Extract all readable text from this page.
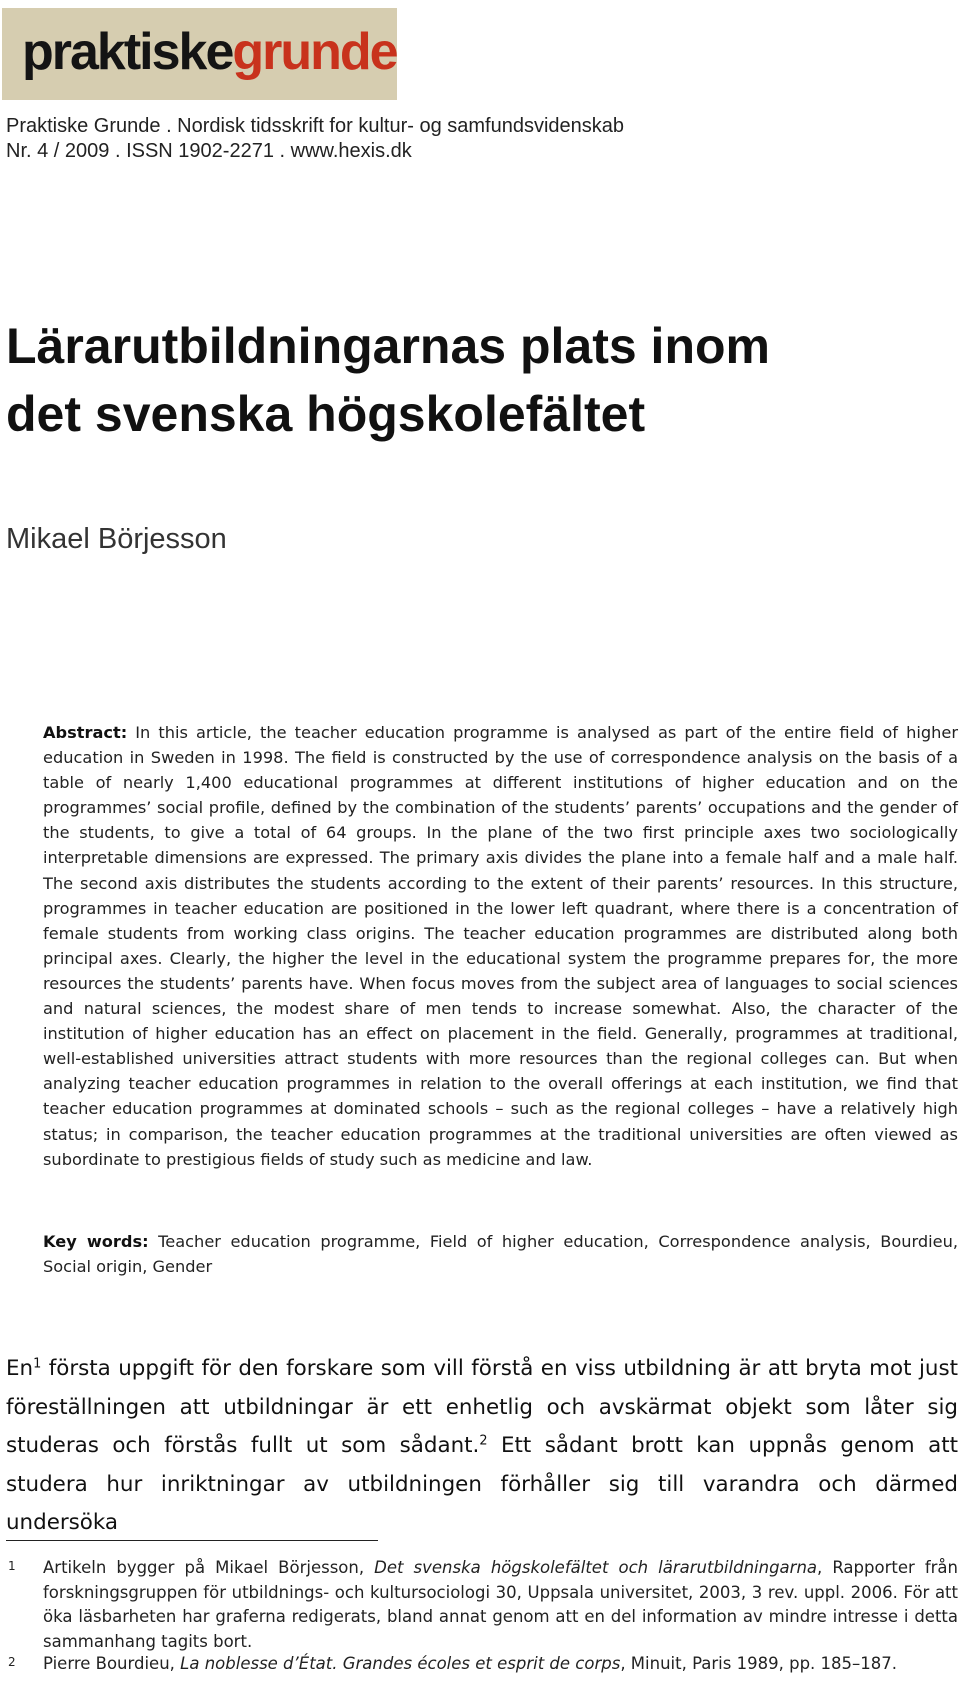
praktiskegrunde
Praktiske Grunde . Nordisk tidsskrift for kultur- og samfundsvidenskab
Nr. 4 / 2009 . ISSN 1902-2271 . www.hexis.dk
Lärarutbildningarnas plats inom
det svenska högskolefältet
Mikael Börjesson

Abstract: In this article, the teacher education programme is analysed as part of the entire field of higher education in Sweden in 1998. The field is constructed by the use of correspondence analysis on the basis of a table of nearly 1,400 educational programmes at different institutions of higher education and on the programmes’ social profile, defined by the combination of the students’ parents’ occupations and the gender of the students, to give a total of 64 groups. In the plane of the two first principle axes two sociologically interpretable dimensions are expressed. The primary axis divides the plane into a female half and a male half. The second axis distributes the students according to the extent of their parents’ resources. In this structure, programmes in teacher education are positioned in the lower left quadrant, where there is a concentration of female students from working class origins. The teacher education programmes are distributed along both principal axes. Clearly, the higher the level in the educational system the programme prepares for, the more resources the students’ parents have. When focus moves from the subject area of languages to social sciences and natural sciences, the modest share of men tends to increase somewhat. Also, the character of the institution of higher education has an effect on placement in the field. Generally, programmes at traditional, well-established universities attract students with more resources than the regional colleges can. But when analyzing teacher education programmes in relation to the overall offerings at each institution, we find that teacher education programmes at dominated schools – such as the regional colleges – have a relatively high status; in comparison, the teacher education programmes at the traditional universities are often viewed as subordinate to prestigious fields of study such as medicine and law.

Key words: Teacher education programme, Field of higher education, Correspondence analysis, Bourdieu, Social origin, Gender

En$^1$ första uppgift för den forskare som vill förstå en viss utbildning är att bryta mot just föreställningen att utbildningar är ett enhetlig och avskärmat objekt som låter sig studeras och förstås fullt ut som sådant.$^2$ Ett sådant brott kan uppnås genom att studera hur inriktningar av utbildningen förhåller sig till varandra och därmed undersöka

1 Artikeln bygger på Mikael Börjesson, Det svenska högskolefältet och lärarutbildningarna, Rapporter från forskningsgruppen för utbildnings- och kultursociologi 30, Uppsala universitet, 2003, 3 rev. uppl. 2006. För att öka läsbarheten har graferna redigerats, bland annat genom att en del information av mindre intresse i detta sammanhang tagits bort.

2 Pierre Bourdieu, La noblesse d’État. Grandes écoles et esprit de corps, Minuit, Paris 1989, pp. 185–187.
